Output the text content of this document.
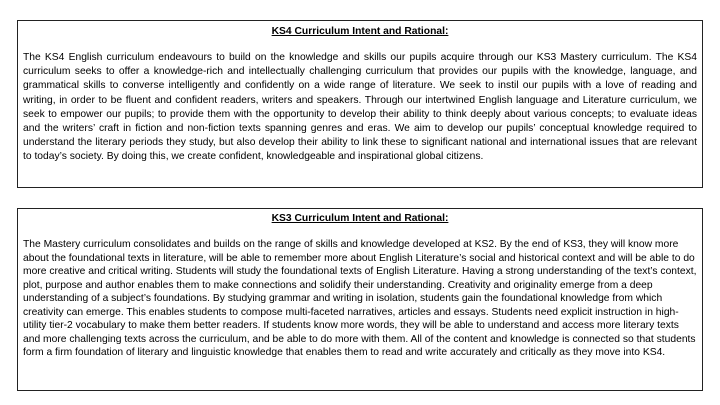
KS4 Curriculum Intent and Rational:

The KS4 English curriculum endeavours to build on the knowledge and skills our pupils acquire through our KS3 Mastery curriculum. The KS4 curriculum seeks to offer a knowledge-rich and intellectually challenging curriculum that provides our pupils with the knowledge, language, and grammatical skills to converse intelligently and confidently on a wide range of literature. We seek to instil our pupils with a love of reading and writing, in order to be fluent and confident readers, writers and speakers. Through our intertwined English language and Literature curriculum, we seek to empower our pupils; to provide them with the opportunity to develop their ability to think deeply about various concepts; to evaluate ideas and the writers’ craft in fiction and non-fiction texts spanning genres and eras. We aim to develop our pupils’ conceptual knowledge required to understand the literary periods they study, but also develop their ability to link these to significant national and international issues that are relevant to today’s society. By doing this, we create confident, knowledgeable and inspirational global citizens.

KS3 Curriculum Intent and Rational:

The Mastery curriculum consolidates and builds on the range of skills and knowledge developed at KS2. By the end of KS3, they will know more about the foundational texts in literature, will be able to remember more about English Literature’s social and historical context and will be able to do more creative and critical writing. Students will study the foundational texts of English Literature. Having a strong understanding of the text’s context, plot, purpose and author enables them to make connections and solidify their understanding. Creativity and originality emerge from a deep understanding of a subject’s foundations. By studying grammar and writing in isolation, students gain the foundational knowledge from which creativity can emerge. This enables students to compose multi-faceted narratives, articles and essays. Students need explicit instruction in high-utility tier-2 vocabulary to make them better readers. If students know more words, they will be able to understand and access more literary texts and more challenging texts across the curriculum, and be able to do more with them. All of the content and knowledge is connected so that students form a firm foundation of literary and linguistic knowledge that enables them to read and write accurately and critically as they move into KS4.
